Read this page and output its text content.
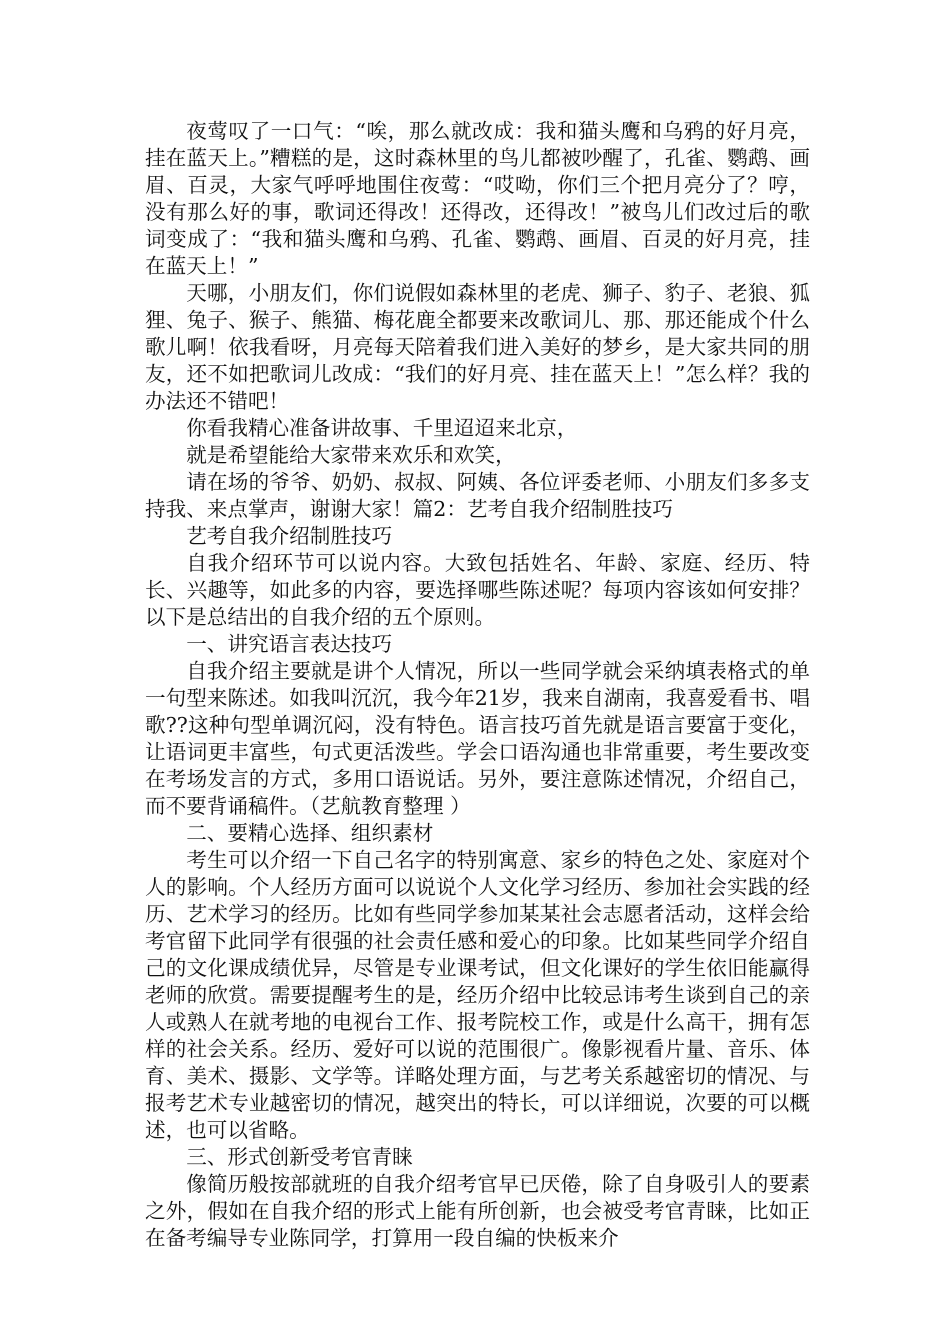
夜莺叹了一口气：“唉，那么就改成：我和猫头鹰和乌鸦的好月亮，挂在蓝天上。”糟糕的是，这时森林里的鸟儿都被吵醒了，孔雀、鹦鹉、画眉、百灵，大家气呼呼地围住夜莺：“哎呦，你们三个把月亮分了？哼，没有那么好的事，歌词还得改！还得改，还得改！”被鸟儿们改过后的歌词变成了：“我和猫头鹰和乌鸦、孔雀、鹦鹉、画眉、百灵的好月亮，挂在蓝天上！”

天哪，小朋友们，你们说假如森林里的老虎、狮子、豹子、老狼、狐狸、兔子、猴子、熊猫、梅花鹿全都要来改歌词儿、那、那还能成个什么歌儿啊！依我看呀，月亮每天陪着我们进入美好的梦乡，是大家共同的朋友，还不如把歌词儿改成：“我们的好月亮、挂在蓝天上！”怎么样？我的办法还不错吧！

你看我精心准备讲故事、千里迢迢来北京，

就是希望能给大家带来欢乐和欢笑，

请在场的爷爷、奶奶、叔叔、阿姨、各位评委老师、小朋友们多多支持我、来点掌声，谢谢大家！篇2：艺考自我介绍制胜技巧

艺考自我介绍制胜技巧

自我介绍环节可以说内容。大致包括姓名、年龄、家庭、经历、特长、兴趣等，如此多的内容，要选择哪些陈述呢？每项内容该如何安排？以下是总结出的自我介绍的五个原则。

一、讲究语言表达技巧

自我介绍主要就是讲个人情况，所以一些同学就会采纳填表格式的单一句型来陈述。如我叫沉沉，我今年21岁，我来自湖南，我喜爱看书、唱歌??这种句型单调沉闷，没有特色。语言技巧首先就是语言要富于变化，让语词更丰富些，句式更活泼些。学会口语沟通也非常重要，考生要改变在考场发言的方式，多用口语说话。另外，要注意陈述情况，介绍自己，而不要背诵稿件。（艺航教育整理 ）

二、要精心选择、组织素材

考生可以介绍一下自己名字的特别寓意、家乡的特色之处、家庭对个人的影响。个人经历方面可以说说个人文化学习经历、参加社会实践的经历、艺术学习的经历。比如有些同学参加某某社会志愿者活动，这样会给考官留下此同学有很强的社会责任感和爱心的印象。比如某些同学介绍自己的文化课成绩优异，尽管是专业课考试，但文化课好的学生依旧能赢得老师的欣赏。需要提醒考生的是，经历介绍中比较忌讳考生谈到自己的亲人或熟人在就考地的电视台工作、报考院校工作，或是什么高干，拥有怎样的社会关系。经历、爱好可以说的范围很广。像影视看片量、音乐、体育、美术、摄影、文学等。详略处理方面，与艺考关系越密切的情况、与报考艺术专业越密切的情况，越突出的特长，可以详细说，次要的可以概述，也可以省略。

三、形式创新受考官青睐

像简历般按部就班的自我介绍考官早已厌倦，除了自身吸引人的要素之外，假如在自我介绍的形式上能有所创新，也会被受考官青睐，比如正在备考编导专业陈同学，打算用一段自编的快板来介
